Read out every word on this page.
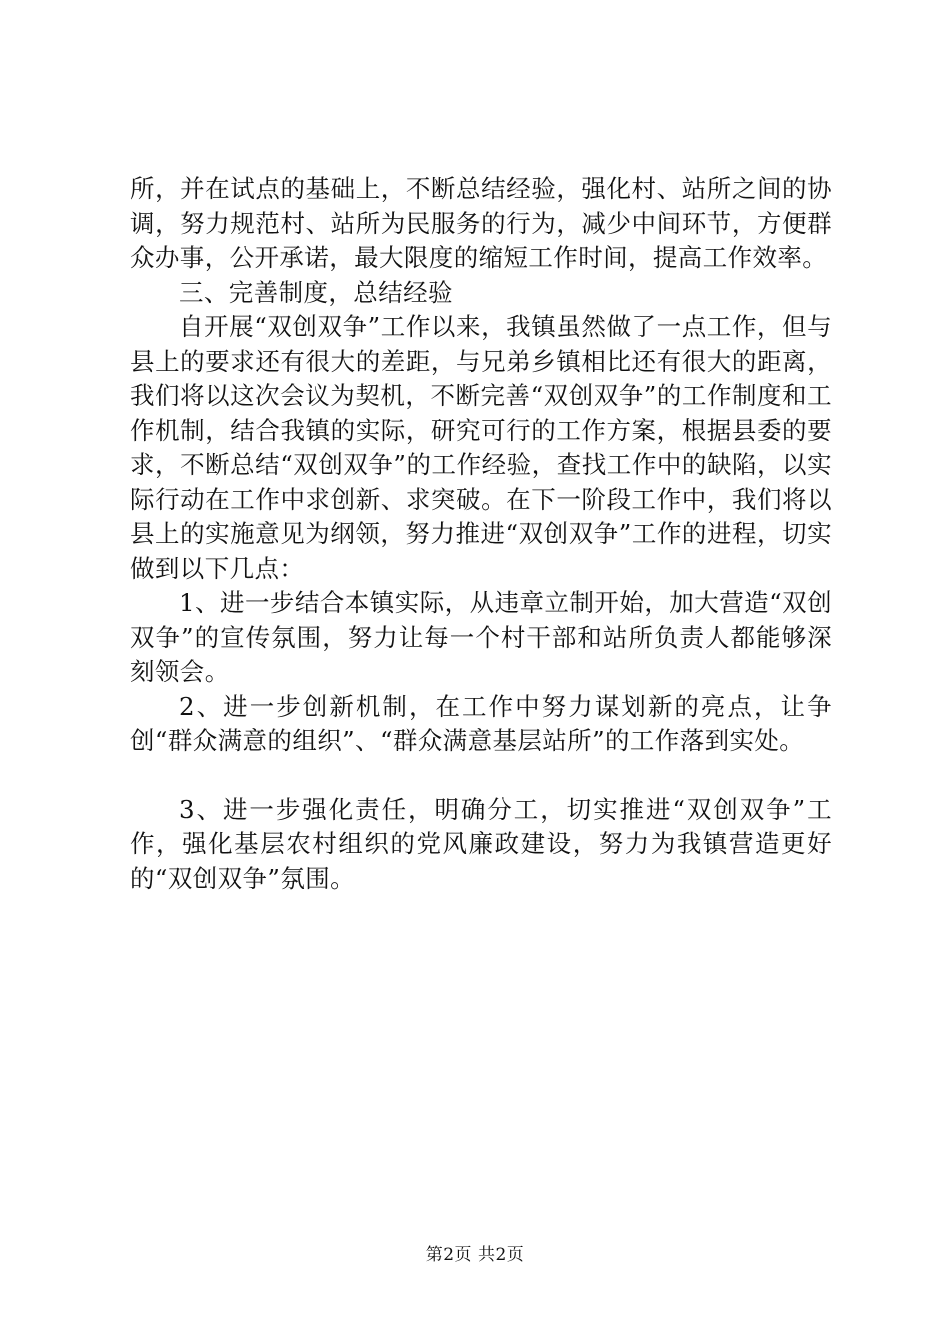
所，并在试点的基础上，不断总结经验，强化村、站所之间的协调，努力规范村、站所为民服务的行为，减少中间环节，方便群众办事，公开承诺，最大限度的缩短工作时间，提高工作效率。

三、完善制度，总结经验

自开展“双创双争”工作以来，我镇虽然做了一点工作，但与县上的要求还有很大的差距，与兄弟乡镇相比还有很大的距离，我们将以这次会议为契机，不断完善“双创双争”的工作制度和工作机制，结合我镇的实际，研究可行的工作方案，根据县委的要求，不断总结“双创双争”的工作经验，查找工作中的缺陷，以实际行动在工作中求创新、求突破。在下一阶段工作中，我们将以县上的实施意见为纲领，努力推进“双创双争”工作的进程，切实做到以下几点：

1、进一步结合本镇实际，从违章立制开始，加大营造“双创双争”的宣传氛围，努力让每一个村干部和站所负责人都能够深刻领会。

2、进一步创新机制，在工作中努力谋划新的亮点，让争创“群众满意的组织”、“群众满意基层站所”的工作落到实处。

3、进一步强化责任，明确分工，切实推进“双创双争”工作，强化基层农村组织的党风廉政建设，努力为我镇营造更好的“双创双争”氛围。

第2页 共2页
